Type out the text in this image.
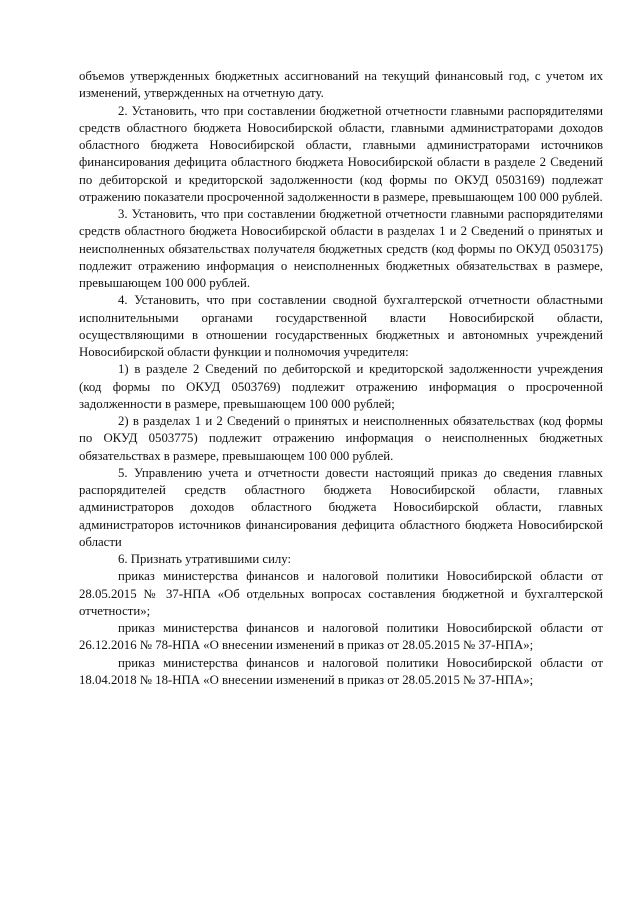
объемов утвержденных бюджетных ассигнований на текущий финансовый год, с учетом их изменений, утвержденных на отчетную дату.

2. Установить, что при составлении бюджетной отчетности главными распорядителями средств областного бюджета Новосибирской области, главными администраторами доходов областного бюджета Новосибирской области, главными администраторами источников финансирования дефицита областного бюджета Новосибирской области в разделе 2 Сведений по дебиторской и кредиторской задолженности (код формы по ОКУД 0503169) подлежат отражению показатели просроченной задолженности в размере, превышающем 100 000 рублей.

3. Установить, что при составлении бюджетной отчетности главными распорядителями средств областного бюджета Новосибирской области в разделах 1 и 2 Сведений о принятых и неисполненных обязательствах получателя бюджетных средств (код формы по ОКУД 0503175) подлежит отражению информация о неисполненных бюджетных обязательствах в размере, превышающем 100 000 рублей.

4. Установить, что при составлении сводной бухгалтерской отчетности областными исполнительными органами государственной власти Новосибирской области, осуществляющими в отношении государственных бюджетных и автономных учреждений Новосибирской области функции и полномочия учредителя:

1) в разделе 2 Сведений по дебиторской и кредиторской задолженности учреждения (код формы по ОКУД 0503769) подлежит отражению информация о просроченной задолженности в размере, превышающем 100 000 рублей;

2) в разделах 1 и 2 Сведений о принятых и неисполненных обязательствах (код формы по ОКУД 0503775) подлежит отражению информация о неисполненных бюджетных обязательствах в размере, превышающем 100 000 рублей.

5. Управлению учета и отчетности довести настоящий приказ до сведения главных распорядителей средств областного бюджета Новосибирской области, главных администраторов доходов областного бюджета Новосибирской области, главных администраторов источников финансирования дефицита областного бюджета Новосибирской области

6. Признать утратившими силу:

приказ министерства финансов и налоговой политики Новосибирской области от 28.05.2015 № 37-НПА «Об отдельных вопросах составления бюджетной и бухгалтерской отчетности»;

приказ министерства финансов и налоговой политики Новосибирской области от 26.12.2016 № 78-НПА «О внесении изменений в приказ от 28.05.2015 № 37-НПА»;

приказ министерства финансов и налоговой политики Новосибирской области от 18.04.2018 № 18-НПА «О внесении изменений в приказ от 28.05.2015 № 37-НПА»;
